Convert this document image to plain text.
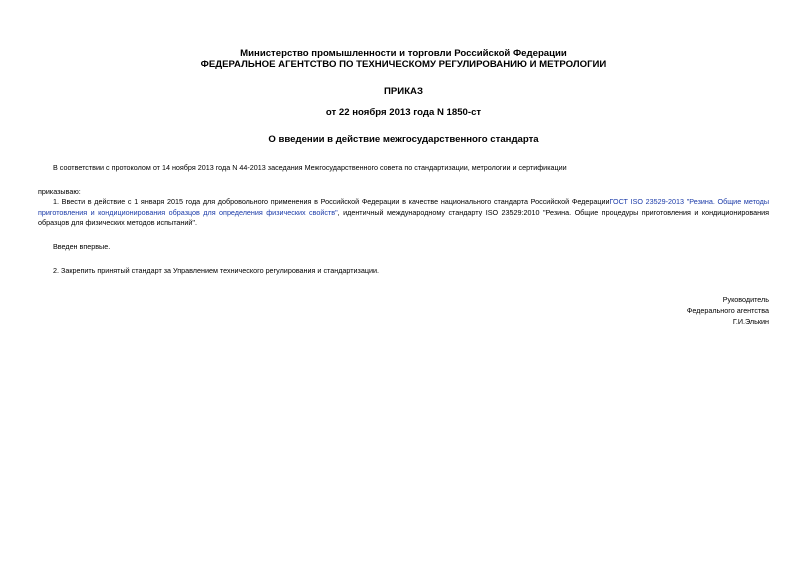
Министерство промышленности и торговли Российской Федерации
ФЕДЕРАЛЬНОЕ АГЕНТСТВО ПО ТЕХНИЧЕСКОМУ РЕГУЛИРОВАНИЮ И МЕТРОЛОГИИ
ПРИКАЗ
от 22 ноября 2013 года N 1850-ст
О введении в действие межгосударственного стандарта

В соответствии с протоколом от 14 ноября 2013 года N 44-2013 заседания Межгосударственного совета по стандартизации, метрологии и сертификации

приказываю:

1. Ввести в действие с 1 января 2015 года для добровольного применения в Российской Федерации в качестве национального стандарта Российской ФедерацииГОСТ ISO 23529-2013 "Резина. Общие методы приготовления и кондиционирования образцов для определения физических свойств", идентичный международному стандарту ISO 23529:2010 "Резина. Общие процедуры приготовления и кондиционирования образцов для физических методов испытаний".

Введен впервые.

2. Закрепить принятый стандарт за Управлением технического регулирования и стандартизации.

Руководитель
Федерального агентства
Г.И.Элькин
